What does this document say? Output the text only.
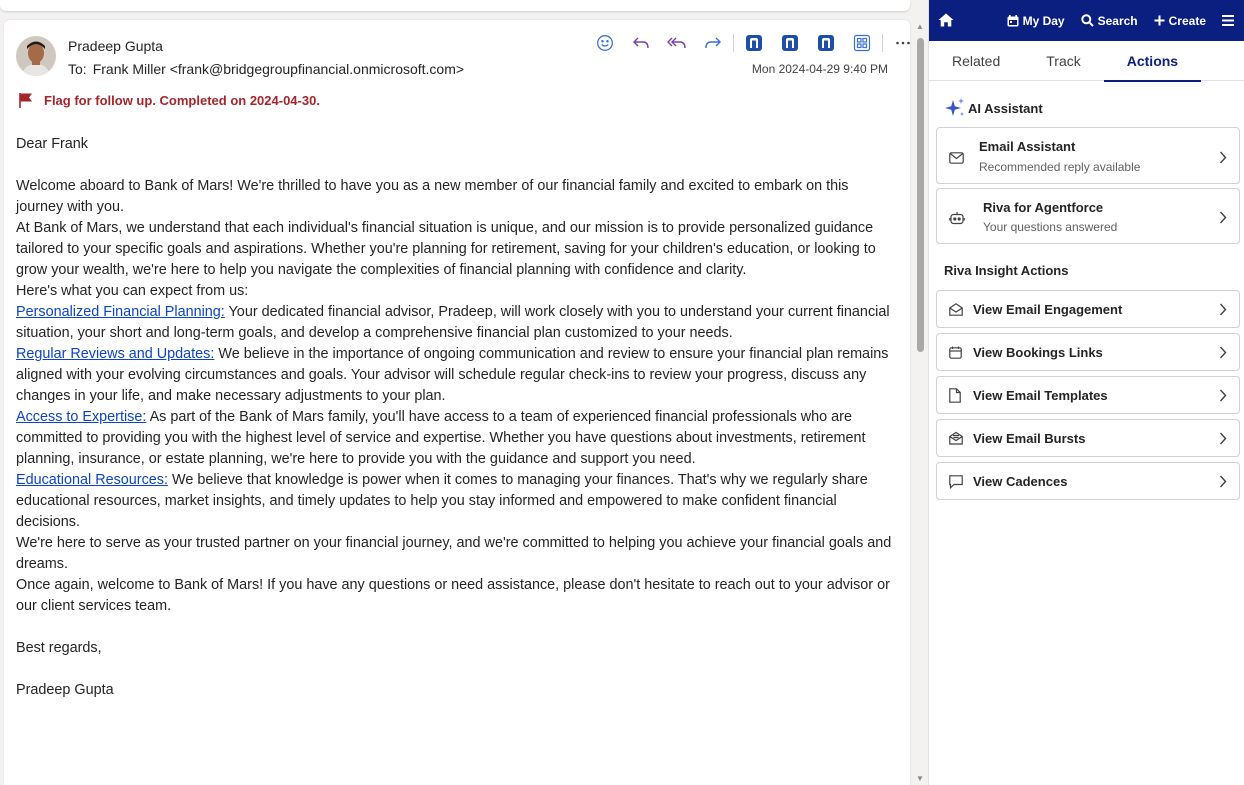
Pradeep Gupta
To: Frank Miller <frank@bridgegroupfinancial.onmicrosoft.com>	Mon 2024-04-29 9:40 PM
Flag for follow up. Completed on 2024-04-30.

Dear Frank

Welcome aboard to Bank of Mars! We're thrilled to have you as a new member of our financial family and excited to embark on this journey with you.

At Bank of Mars, we understand that each individual's financial situation is unique, and our mission is to provide personalized guidance tailored to your specific goals and aspirations. Whether you're planning for retirement, saving for your children's education, or looking to grow your wealth, we're here to help you navigate the complexities of financial planning with confidence and clarity.

Here's what you can expect from us:

Personalized Financial Planning: Your dedicated financial advisor, Pradeep, will work closely with you to understand your current financial situation, your short and long-term goals, and develop a comprehensive financial plan customized to your needs.

Regular Reviews and Updates: We believe in the importance of ongoing communication and review to ensure your financial plan remains aligned with your evolving circumstances and goals. Your advisor will schedule regular check-ins to review your progress, discuss any changes in your life, and make necessary adjustments to your plan.

Access to Expertise: As part of the Bank of Mars family, you'll have access to a team of experienced financial professionals who are committed to providing you with the highest level of service and expertise. Whether you have questions about investments, retirement planning, insurance, or estate planning, we're here to provide you with the guidance and support you need.

Educational Resources: We believe that knowledge is power when it comes to managing your finances. That's why we regularly share educational resources, market insights, and timely updates to help you stay informed and empowered to make confident financial decisions.

We're here to serve as your trusted partner on your financial journey, and we're committed to helping you achieve your financial goals and dreams.

Once again, welcome to Bank of Mars! If you have any questions or need assistance, please don't hesitate to reach out to your advisor or our client services team.

Best regards,

Pradeep Gupta

▲
▼
My Day	Search	Create
Related	Track	Actions
AI Assistant
Email Assistant
Recommended reply available
Riva for Agentforce
Your questions answered
Riva Insight Actions
View Email Engagement
View Bookings Links
View Email Templates
View Email Bursts
View Cadences
